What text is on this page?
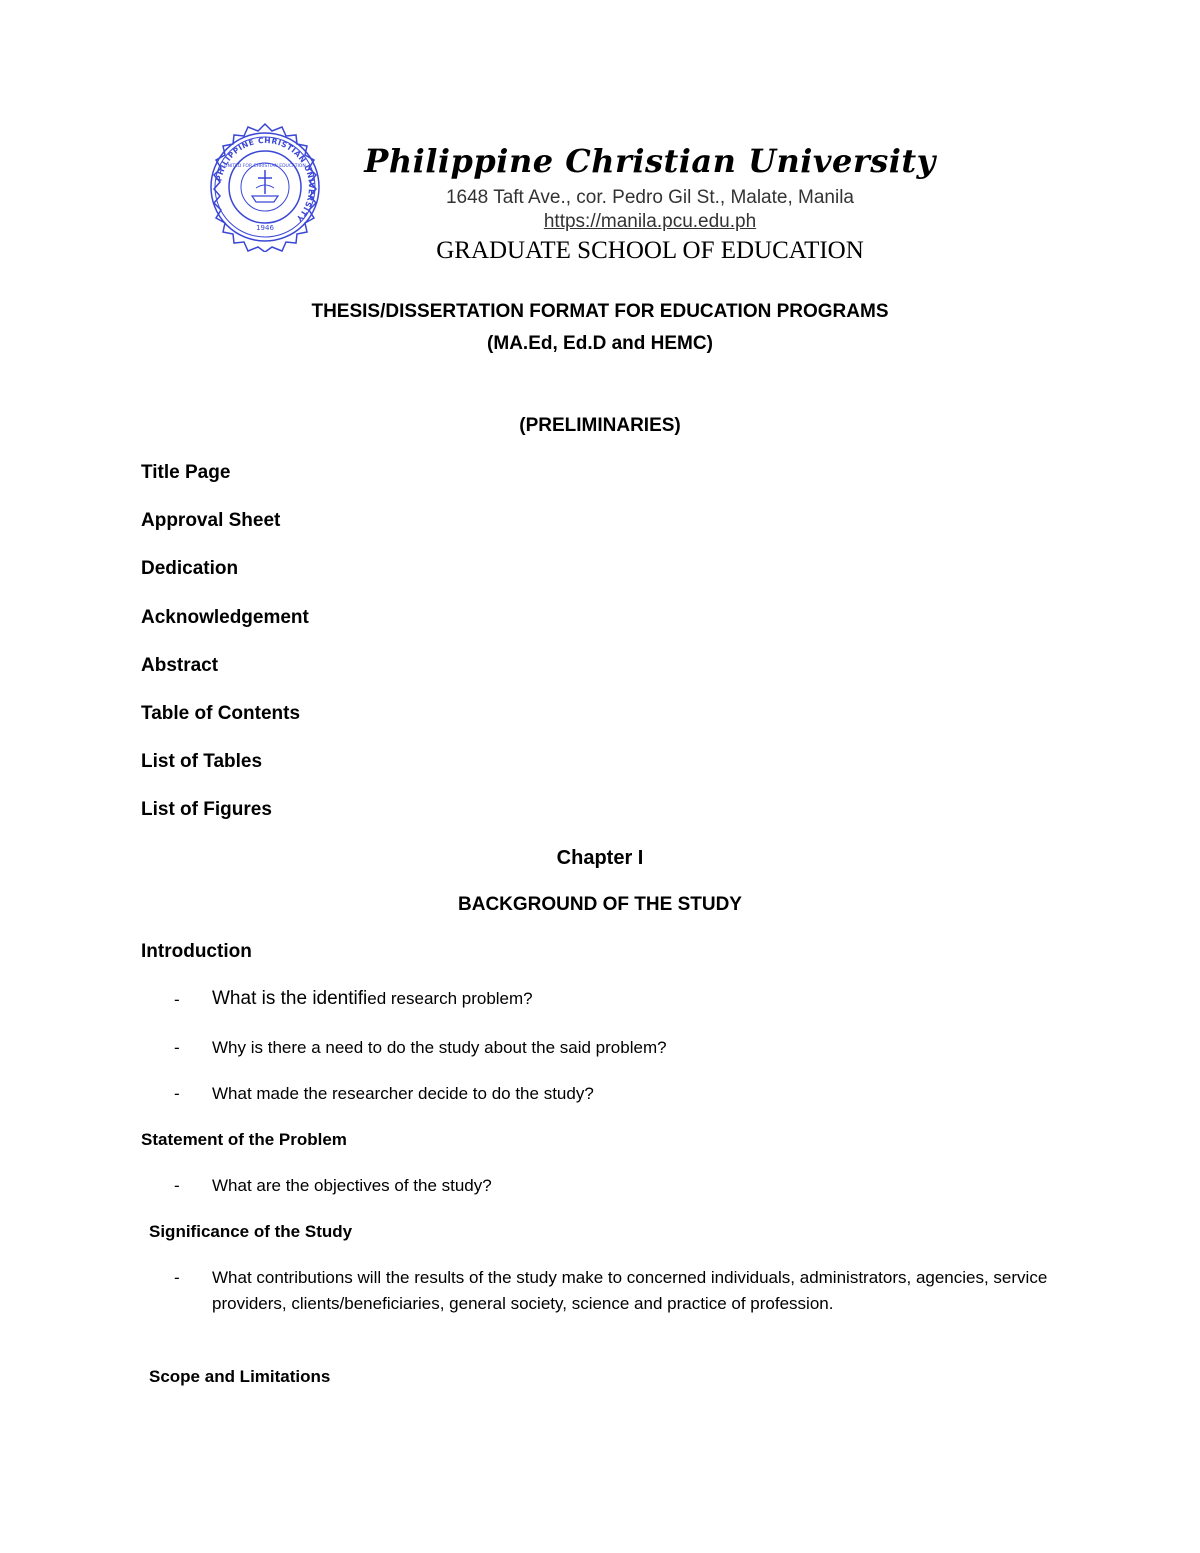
PHILIPPINE CHRISTIAN UNIVERSITY
1946
UNITED FOR CHRISTIAN EDUCATION	Philippine Christian University
1648 Taft Ave., cor. Pedro Gil St., Malate, Manila
https://manila.pcu.edu.ph
GRADUATE SCHOOL OF EDUCATION
THESIS/DISSERTATION FORMAT FOR EDUCATION PROGRAMS
(MA.Ed, Ed.D and HEMC)
(PRELIMINARIES)
Title Page
Approval Sheet
Dedication
Acknowledgement
Abstract
Table of Contents
List of Tables
List of Figures
Chapter I
BACKGROUND OF THE STUDY
Introduction
- What is the identified research problem?
- Why is there a need to do the study about the said problem?
- What made the researcher decide to do the study?
Statement of the Problem
- What are the objectives of the study?
Significance of the Study
- What contributions will the results of the study make to concerned individuals, administrators, agencies, service providers, clients/beneficiaries, general society, science and practice of profession.
Scope and Limitations
